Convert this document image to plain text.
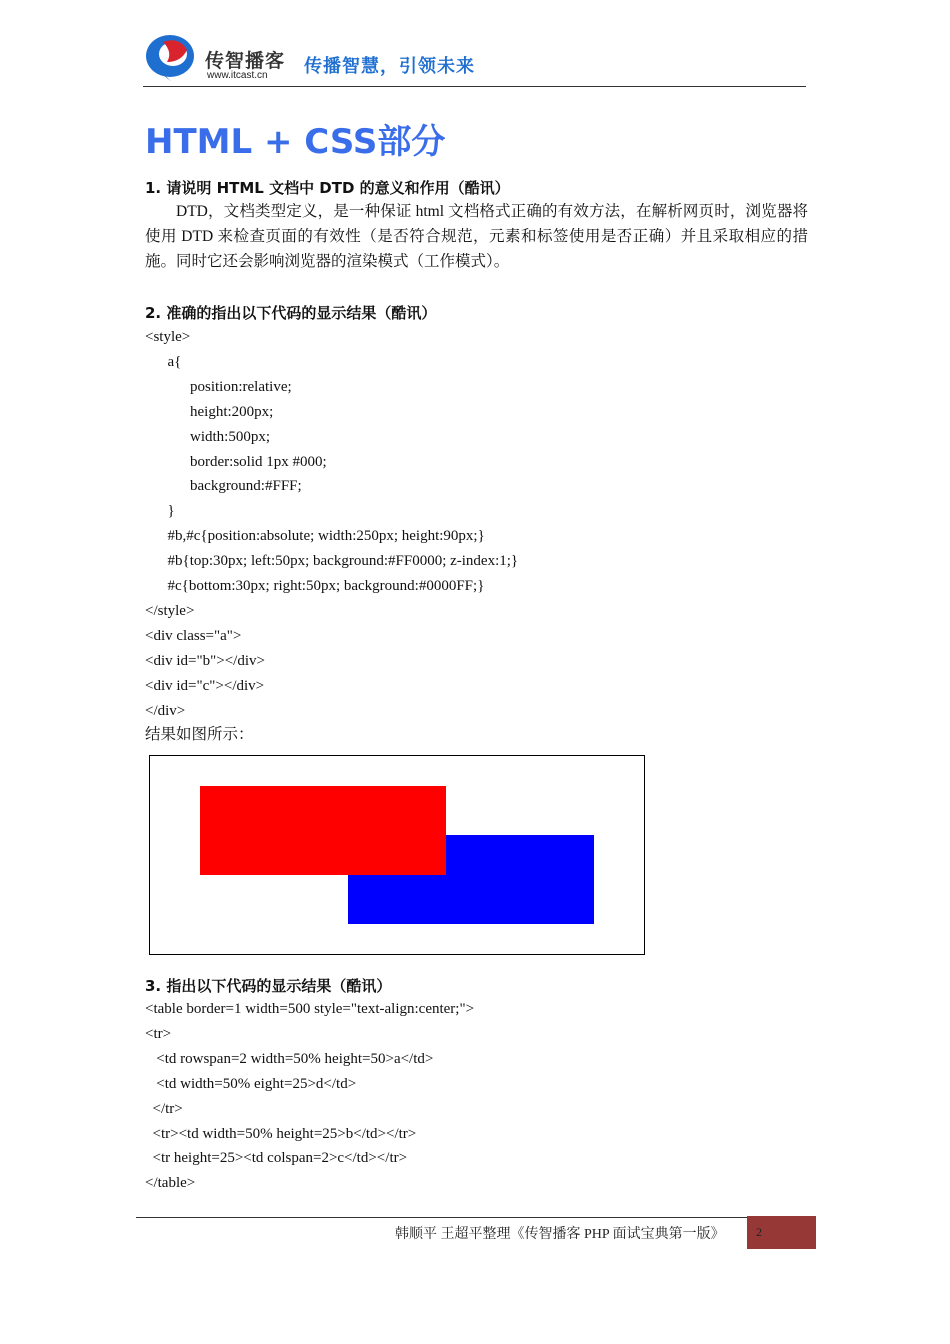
传智播客
www.itcast.cn 传播智慧，引领未来
HTML + CSS部分
1. 请说明 HTML 文档中 DTD 的意义和作用（酷讯）
DTD，文档类型定义，是一种保证 html 文档格式正确的有效方法，在解析网页时，浏览器将使用 DTD 来检查页面的有效性（是否符合规范，元素和标签使用是否正确）并且采取相应的措施。同时它还会影响浏览器的渲染模式（工作模式）。
2. 准确的指出以下代码的显示结果（酷讯）
<style>
a{
position:relative;
height:200px;
width:500px;
border:solid 1px #000;
background:#FFF;
}
#b,#c{position:absolute; width:250px; height:90px;}
#b{top:30px; left:50px; background:#FF0000; z-index:1;}
#c{bottom:30px; right:50px; background:#0000FF;}
</style>
<div class="a">
<div id="b"></div>
<div id="c"></div>
</div>
结果如图所示：
3. 指出以下代码的显示结果（酷讯）
<table border=1 width=500 style="text-align:center;">
<tr>
<td rowspan=2 width=50% height=50>a</td>
<td width=50% eight=25>d</td>
</tr>
<tr><td width=50% height=25>b</td></tr>
<tr height=25><td colspan=2>c</td></tr>
</table>
韩顺平 王超平整理《传智播客 PHP 面试宝典第一版》	2
